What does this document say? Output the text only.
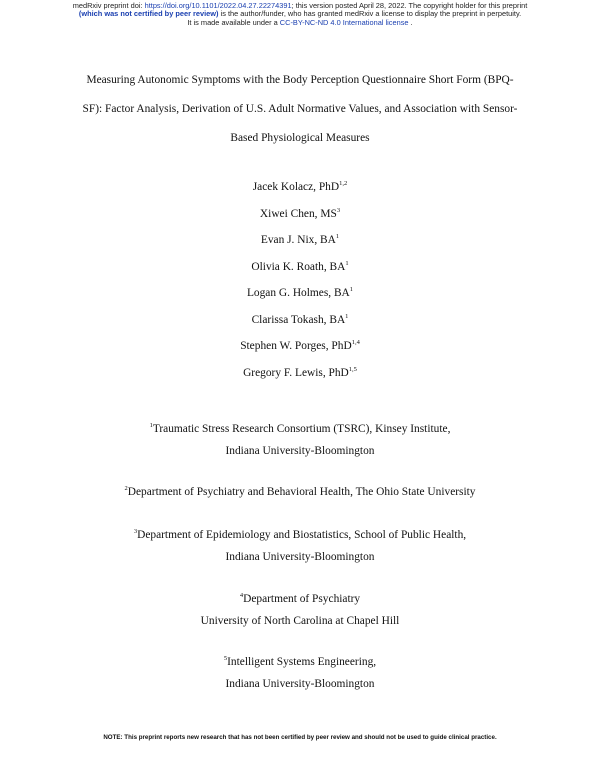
medRxiv preprint doi: https://doi.org/10.1101/2022.04.27.22274391; this version posted April 28, 2022. The copyright holder for this preprint
(which was not certified by peer review) is the author/funder, who has granted medRxiv a license to display the preprint in perpetuity.
It is made available under a CC-BY-NC-ND 4.0 International license .
Measuring Autonomic Symptoms with the Body Perception Questionnaire Short Form (BPQ-
SF): Factor Analysis, Derivation of U.S. Adult Normative Values, and Association with Sensor-
Based Physiological Measures
Jacek Kolacz, PhD$^{1,2}$
Xiwei Chen, $MS^3$
Evan J. Nix, $BA^1$
Olivia K. Roath, $BA^1$
Logan G. Holmes, $BA^1$
Clarissa Tokash, $BA^1$
Stephen W. Porges, PhD$^{1,4}$
Gregory F. Lewis, PhD$^{1,5}$
$^1$Traumatic Stress Research Consortium (TSRC), Kinsey Institute,
Indiana University-Bloomington
$^2$Department of Psychiatry and Behavioral Health, The Ohio State University
$^3$Department of Epidemiology and Biostatistics, School of Public Health,
Indiana University-Bloomington
$^4$Department of Psychiatry
University of North Carolina at Chapel Hill
$^5$Intelligent Systems Engineering,
Indiana University-Bloomington
NOTE: This preprint reports new research that has not been certified by peer review and should not be used to guide clinical practice.
